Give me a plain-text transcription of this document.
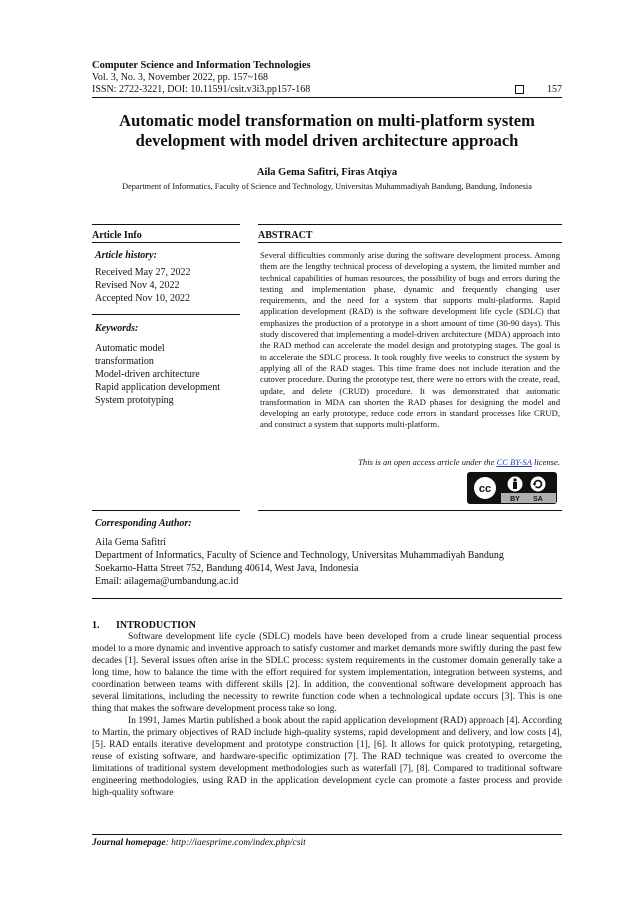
Computer Science and Information Technologies
Vol. 3, No. 3, November 2022, pp. 157~168
ISSN: 2722-3221, DOI: 10.11591/csit.v3i3.pp157-168	157
Automatic model transformation on multi-platform system development with model driven architecture approach
Aila Gema Safitri, Firas Atqiya
Department of Informatics, Faculty of Science and Technology, Universitas Muhammadiyah Bandung, Bandung, Indonesia
Article Info	ABSTRACT
Article history:
Received May 27, 2022
Revised Nov 4, 2022
Accepted Nov 10, 2022
Keywords:
Automatic model
transformation
Model-driven architecture
Rapid application development
System prototyping
Several difficulties commonly arise during the software development process. Among them are the lengthy technical process of developing a system, the limited number and technical capabilities of human resources, the possibility of bugs and errors during the testing and implementation phase, dynamic and frequently changing user requirements, and the need for a system that supports multi-platforms. Rapid application development (RAD) is the software development life cycle (SDLC) that emphasizes the production of a prototype in a short amount of time (30-90 days). This study discovered that implementing a model-driven architecture (MDA) approach into the RAD method can accelerate the model design and prototyping stages. The goal is to accelerate the SDLC process. It took roughly five weeks to construct the system by applying all of the RAD stages. This time frame does not include iteration and the cutover procedure. During the prototype test, there were no errors with the create, read, update, and delete (CRUD) procedure. It was demonstrated that automatic transformation in MDA can shorten the RAD phases for designing the model and developing an early prototype, reduce code errors in standard processes like CRUD, and construct a system that supports multi-platform.
This is an open access article under the CC BY-SA license.
cc
BY SA
Corresponding Author:
Aila Gema Safitri
Department of Informatics, Faculty of Science and Technology, Universitas Muhammadiyah Bandung
Soekarno-Hatta Street 752, Bandung 40614, West Java, Indonesia
Email: ailagema@umbandung.ac.id
1. INTRODUCTION

Software development life cycle (SDLC) models have been developed from a crude linear sequential process model to a more dynamic and inventive approach to satisfy customer and market demands more swiftly during the past few decades [1]. Several issues often arise in the SDLC process: system requirements in the customer domain generally take a long time, how to balance the time with the effort required for system implementation, integration between systems, and coordination between teams with different skills [2]. In addition, the conventional software development approach has several limitations, including the necessity to rewrite function code when a technological update occurs [3]. This is one thing that makes the software development process take so long.

In 1991, James Martin published a book about the rapid application development (RAD) approach [4]. According to Martin, the primary objectives of RAD include high-quality systems, rapid development and delivery, and low costs [4], [5]. RAD entails iterative development and prototype construction [1], [6]. It allows for quick prototyping, retargeting, reuse of existing software, and hardware-specific optimization [7]. The RAD technique was created to overcome the limitations of traditional system development methodologies such as waterfall [7], [8]. Compared to traditional software engineering methodologies, using RAD in the application development cycle can promote a faster process and provide high-quality software

Journal homepage: http://iaesprime.com/index.php/csit
